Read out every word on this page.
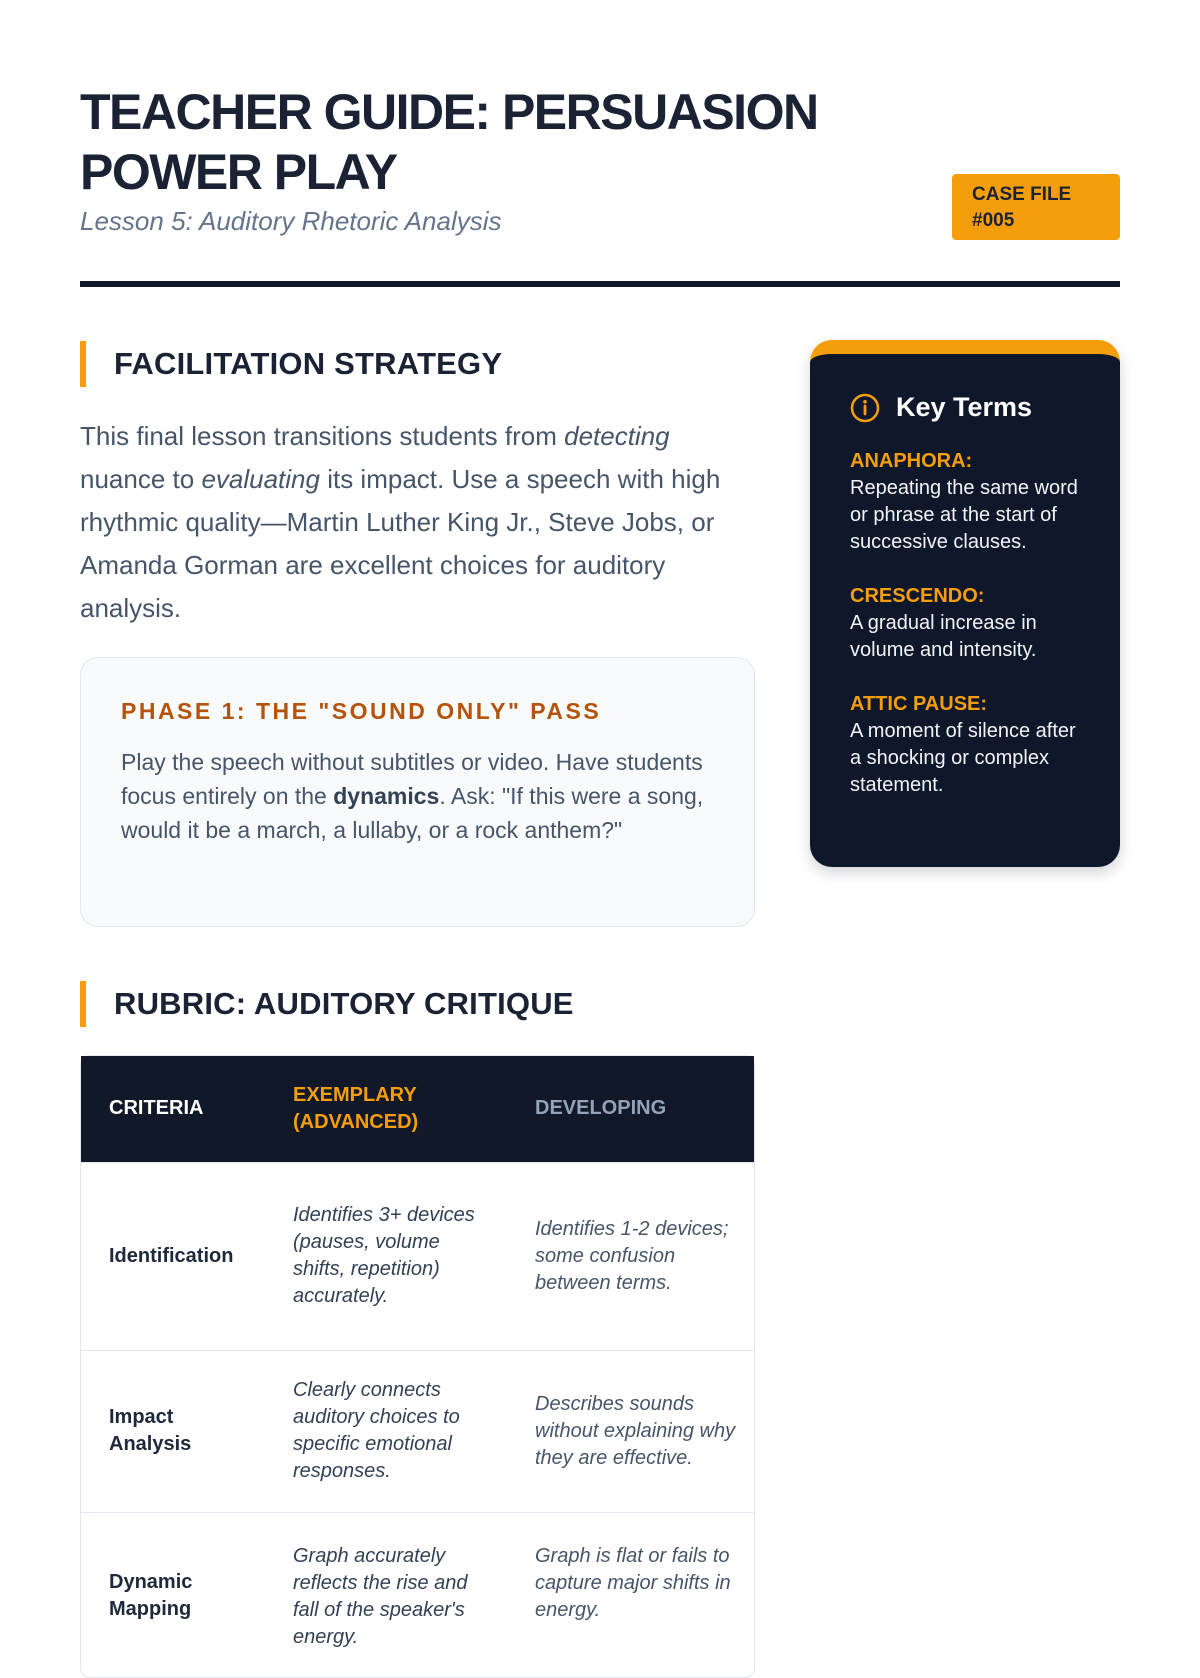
TEACHER GUIDE: PERSUASION POWER PLAY
Lesson 5: Auditory Rhetoric Analysis
CASE FILE #005
FACILITATION STRATEGY

This final lesson transitions students from detecting nuance to evaluating its impact. Use a speech with high rhythmic quality—Martin Luther King Jr., Steve Jobs, or Amanda Gorman are excellent choices for auditory analysis.

PHASE 1: THE "SOUND ONLY" PASS

Play the speech without subtitles or video. Have students focus entirely on the dynamics. Ask: "If this were a song, would it be a march, a lullaby, or a rock anthem?"

Key Terms
ANAPHORA:
Repeating the same word or phrase at the start of successive clauses.
CRESCENDO:
A gradual increase in volume and intensity.
ATTIC PAUSE:
A moment of silence after a shocking or complex statement.
RUBRIC: AUDITORY CRITIQUE
CRITERIA	EXEMPLARY (ADVANCED)	DEVELOPING
Identification	Identifies 3+ devices (pauses, volume shifts, repetition) accurately.	Identifies 1-2 devices; some confusion between terms.
Impact Analysis	Clearly connects auditory choices to specific emotional responses.	Describes sounds without explaining why they are effective.
Dynamic Mapping	Graph accurately reflects the rise and fall of the speaker's energy.	Graph is flat or fails to capture major shifts in energy.
